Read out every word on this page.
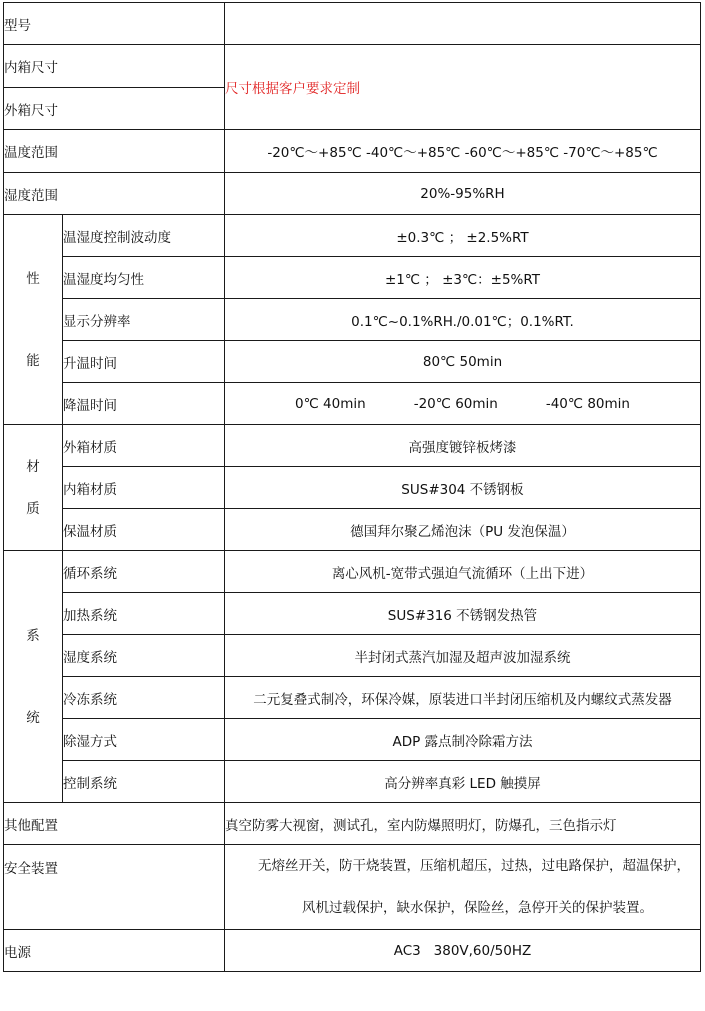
型号		
内箱尺寸		尺寸根据客户要求定制
外箱尺寸		
温度范围		-20℃～+85℃ -40℃～+85℃ -60℃～+85℃ -70℃～+85℃
湿度范围		20%-95%RH

性
能	温湿度控制波动度	±0.3℃ ； ±2.5%RT
	温湿度均匀性	±1℃ ； ±3℃：±5%RT
	显示分辨率	0.1℃~0.1%RH./0.01℃；0.1%RT.
	升温时间	80℃ 50min
	降温时间	0℃ 40min -20℃ 60min -40℃ 80min

材
质	外箱材质	高强度镀锌板烤漆
	内箱材质	SUS#304 不锈钢板
	保温材质	德国拜尔聚乙烯泡沫（PU 发泡保温）

系
统	循环系统	离心风机-宽带式强迫气流循环（上出下进）
	加热系统	SUS#316 不锈钢发热管
	湿度系统	半封闭式蒸汽加湿及超声波加湿系统
	冷冻系统	二元复叠式制冷，环保冷媒，原装进口半封闭压缩机及内螺纹式蒸发器
	除湿方式	ADP 露点制冷除霜方法
	控制系统	高分辨率真彩 LED 触摸屏
其他配置		真空防雾大视窗，测试孔，室内防爆照明灯，防爆孔，三色指示灯
安全装置		无熔丝开关，防干烧装置，压缩机超压，过热，过电路保护，超温保护，

风机过载保护，缺水保护，保险丝，急停开关的保护装置。

电源		AC3   380V,60/50HZ
